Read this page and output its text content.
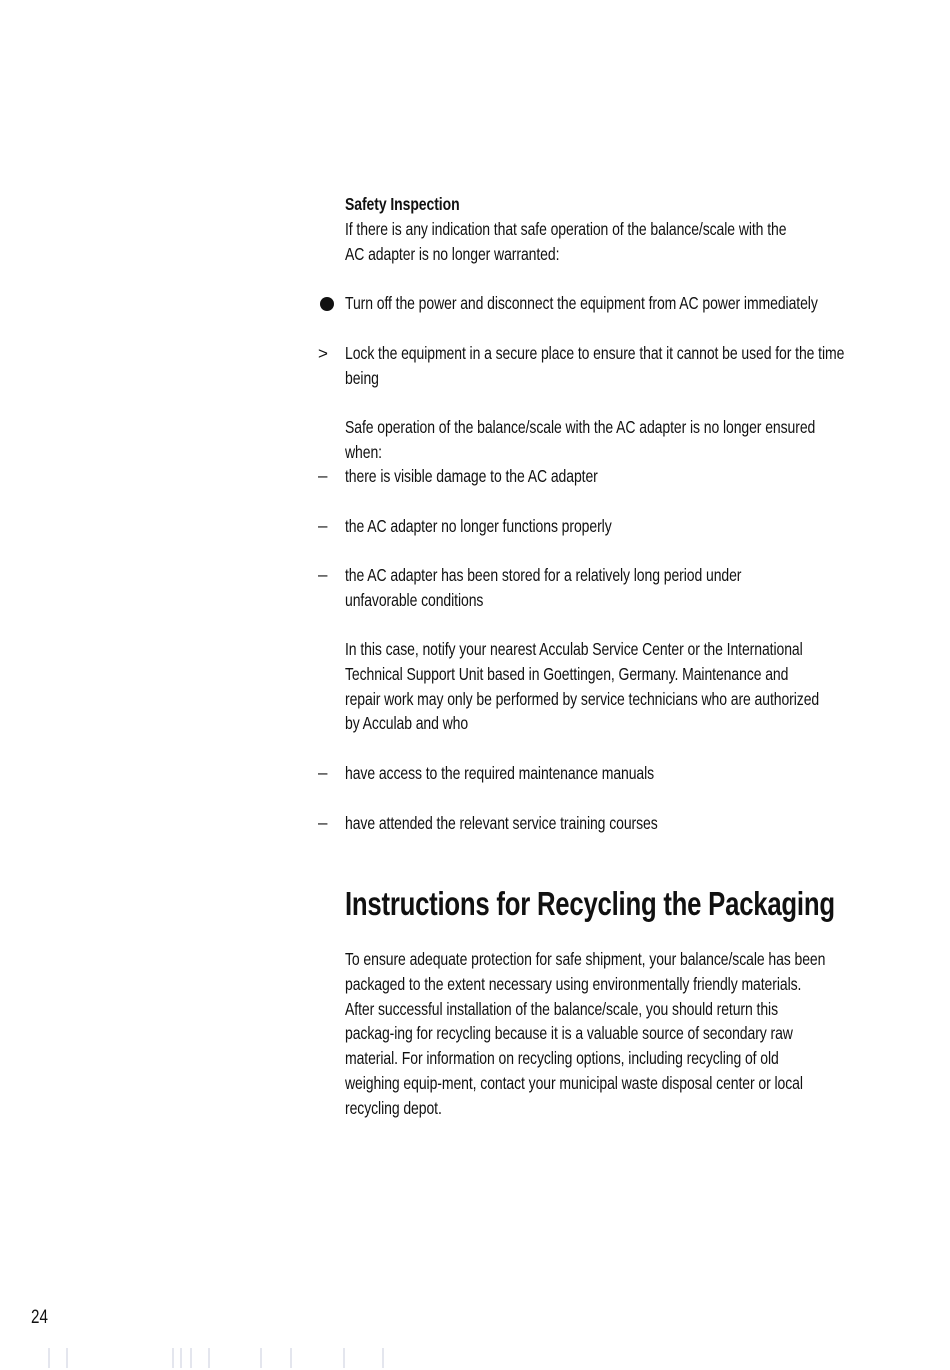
Safety Inspection
If there is any indication that safe operation of the balance/scale with the AC adapter is no longer warranted:
Turn off the power and disconnect the equipment from AC power immediately
> Lock the equipment in a secure place to ensure that it cannot be used for the time being
Safe operation of the balance/scale with the AC adapter is no longer ensured when:
– there is visible damage to the AC adapter
– the AC adapter no longer functions properly
– the AC adapter has been stored for a relatively long period under unfavorable conditions
In this case, notify your nearest Acculab Service Center or the International Technical Support Unit based in Goettingen, Germany. Maintenance and repair work may only be performed by service technicians who are authorized by Acculab and who
– have access to the required maintenance manuals
– have attended the relevant service training courses
Instructions for Recycling the Packaging
To ensure adequate protection for safe shipment, your balance/scale has been packaged to the extent necessary using environmentally friendly materials. After successful installation of the balance/scale, you should return this packag-ing for recycling because it is a valuable source of secondary raw material. For information on recycling options, including recycling of old weighing equip-ment, contact your municipal waste disposal center or local recycling depot.
24
